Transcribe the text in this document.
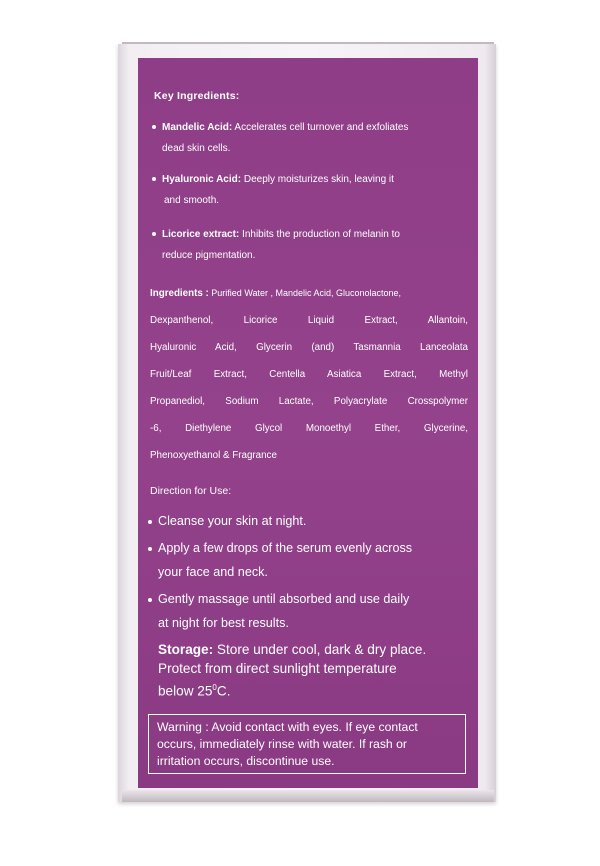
Key Ingredients:
Mandelic Acid: Accelerates cell turnover and exfoliates
dead skin cells.
Hyaluronic Acid: Deeply moisturizes skin, leaving it
and smooth.
Licorice extract: Inhibits the production of melanin to
reduce pigmentation.
Ingredients : Purified Water , Mandelic Acid, Gluconolactone,
Dexpanthenol, Licorice Liquid Extract, Allantoin,
Hyaluronic Acid, Glycerin (and) Tasmannia Lanceolata
Fruit/Leaf Extract, Centella Asiatica Extract, Methyl
Propanediol, Sodium Lactate, Polyacrylate Crosspolymer
-6, Diethylene Glycol Monoethyl Ether, Glycerine,
Phenoxyethanol & Fragrance
Direction for Use:
Cleanse your skin at night.
Apply a few drops of the serum evenly across
your face and neck.
Gently massage until absorbed and use daily
at night for best results.
Storage: Store under cool, dark & dry place.
Protect from direct sunlight temperature
below $25^0C$.
Warning : Avoid contact with eyes. If eye contact
occurs, immediately rinse with water. If rash or
irritation occurs, discontinue use.
